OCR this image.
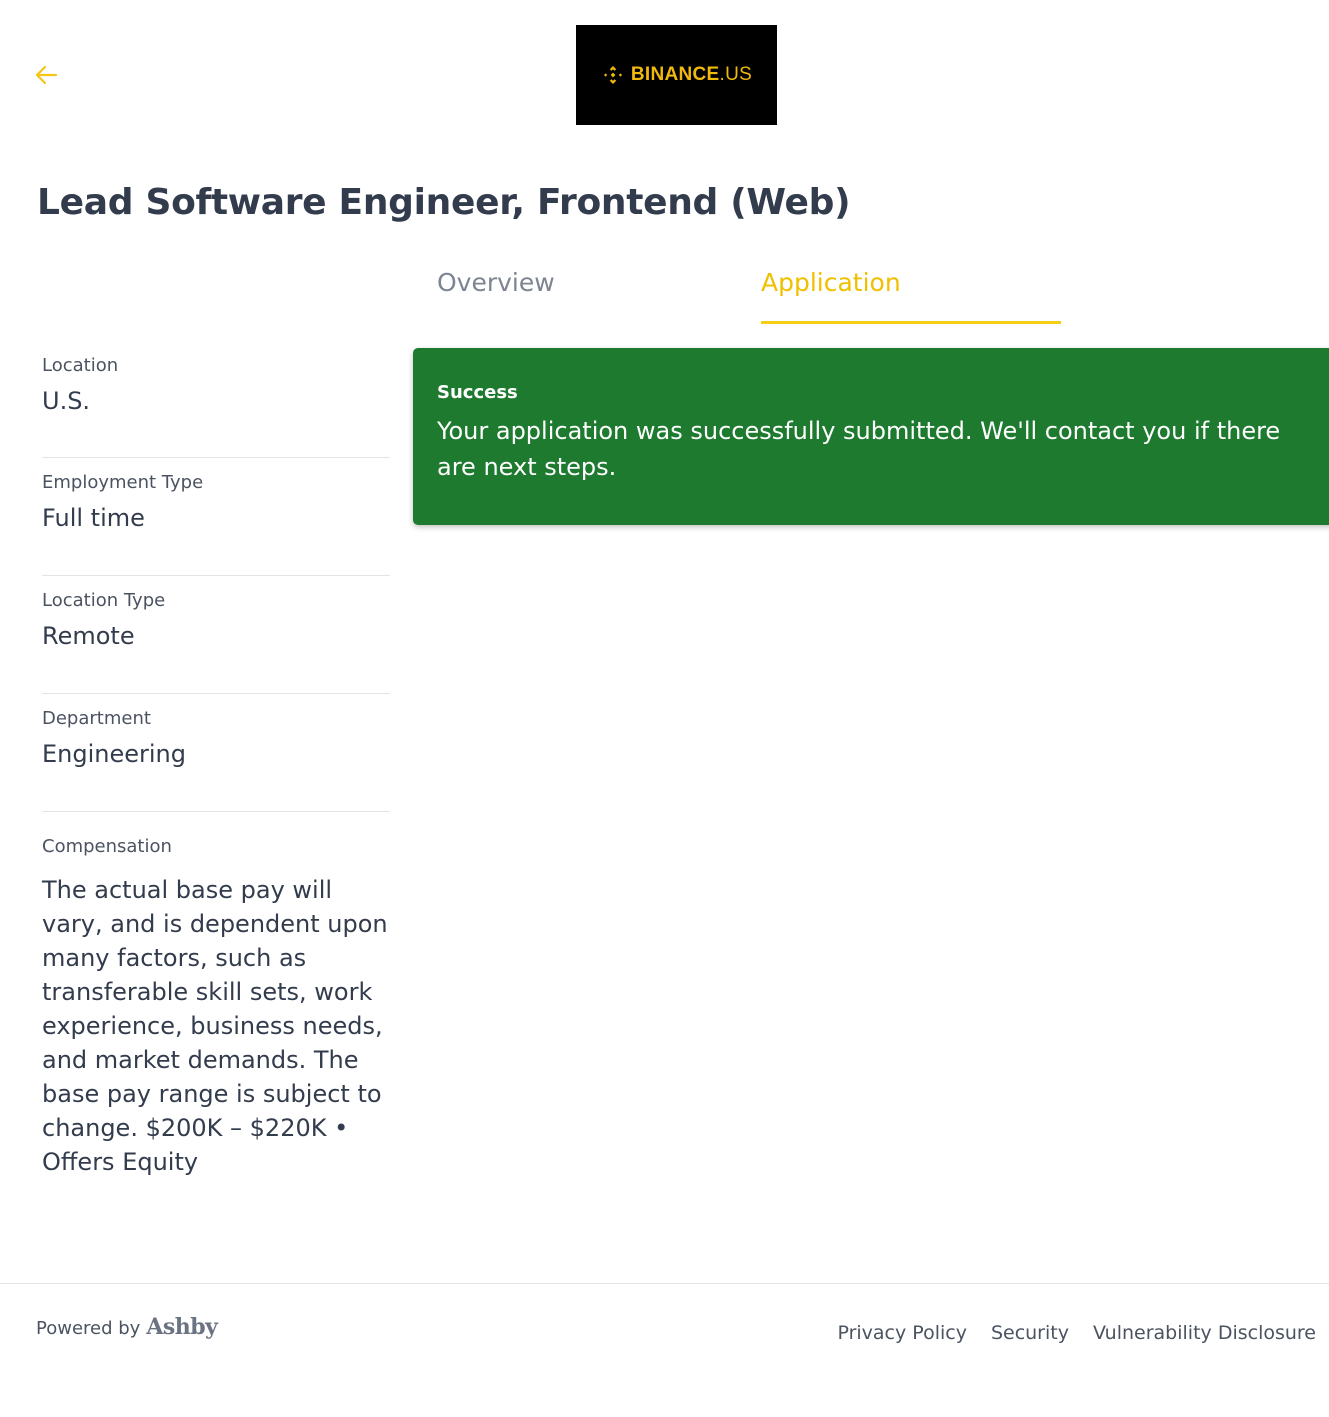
BINANCE.US
Lead Software Engineer, Frontend (Web)
Overview	Application
Location
U.S.
Employment Type
Full time
Location Type
Remote
Department
Engineering
Compensation
The actual base pay will vary, and is dependent upon many factors, such as transferable skill sets, work experience, business needs, and market demands. The base pay range is subject to change. $200K – $220K • Offers Equity
Success
Your application was successfully submitted. We'll contact you if there are next steps.
Powered by Ashby	Privacy Policy Security Vulnerability Disclosure
